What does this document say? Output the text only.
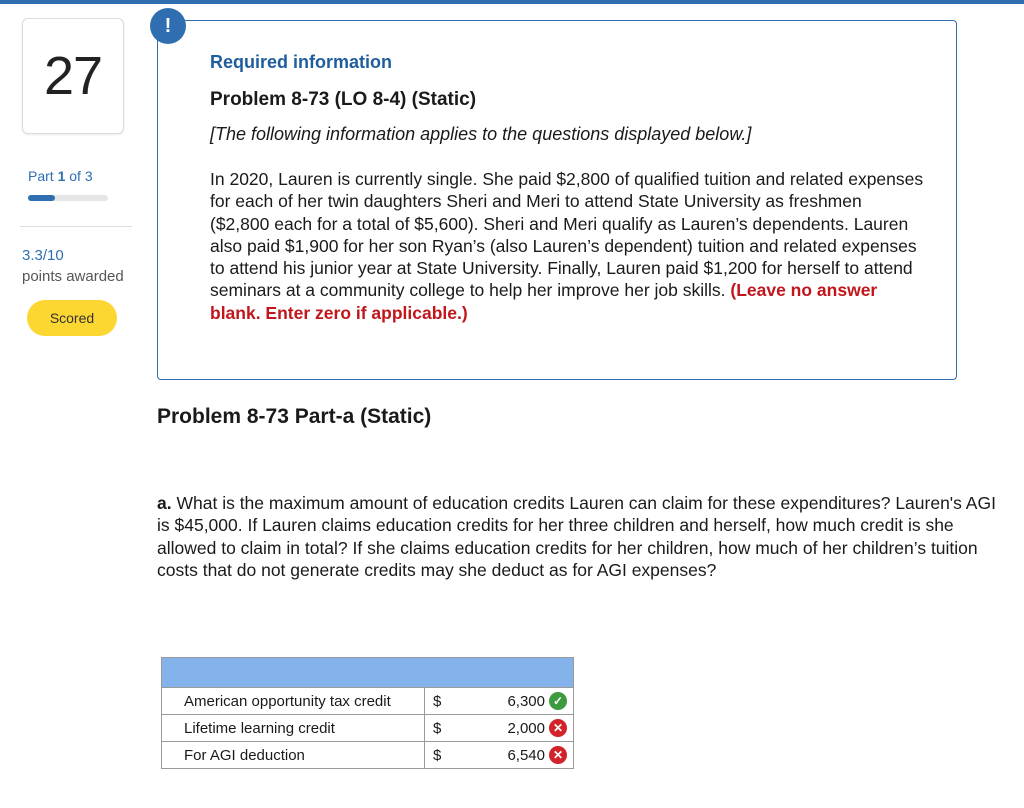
27
Part 1 of 3
3.3/10
points awarded
Scored
!
Required information
Problem 8-73 (LO 8-4) (Static)
[The following information applies to the questions displayed below.]
In 2020, Lauren is currently single. She paid $2,800 of qualified tuition and related expenses for each of her twin daughters Sheri and Meri to attend State University as freshmen ($2,800 each for a total of $5,600). Sheri and Meri qualify as Lauren’s dependents. Lauren also paid $1,900 for her son Ryan’s (also Lauren’s dependent) tuition and related expenses to attend his junior year at State University. Finally, Lauren paid $1,200 for herself to attend seminars at a community college to help her improve her job skills. (Leave no answer blank. Enter zero if applicable.)
Problem 8-73 Part-a (Static)
a. What is the maximum amount of education credits Lauren can claim for these expenditures? Lauren's AGI is $45,000. If Lauren claims education credits for her three children and herself, how much credit is she allowed to claim in total? If she claims education credits for her children, how much of her children’s tuition costs that do not generate credits may she deduct as for AGI expenses?

American opportunity tax credit	$	6,300 ✓
Lifetime learning credit	$	2,000 ✕
For AGI deduction	$	6,540 ✕
